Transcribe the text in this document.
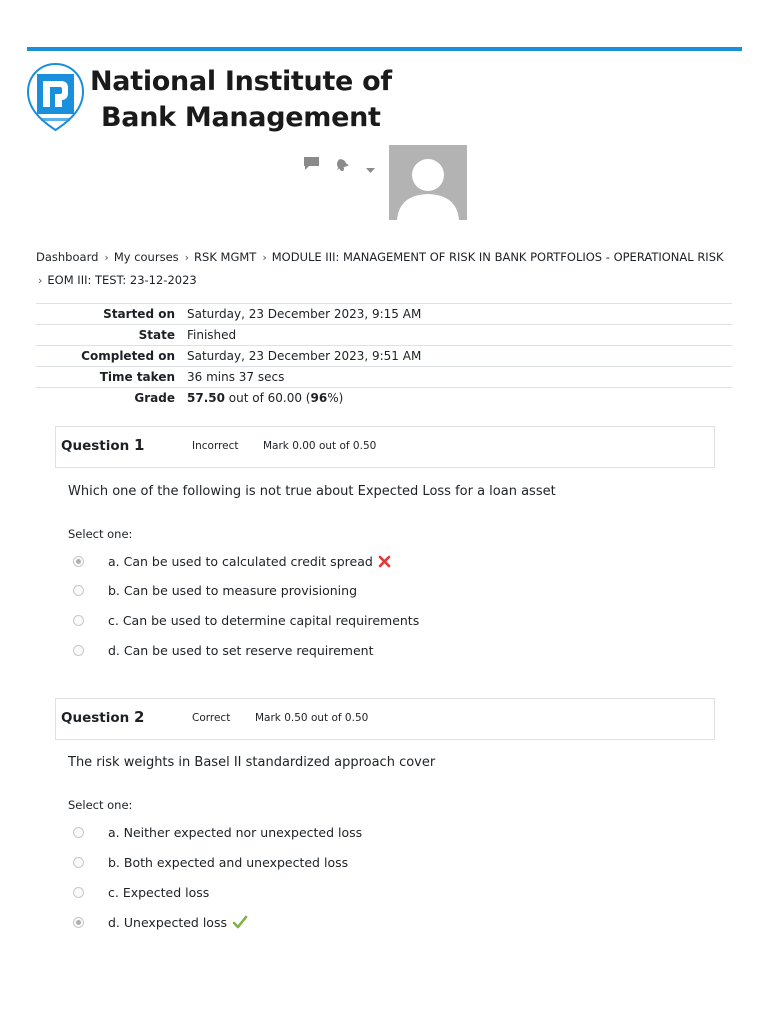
National Institute of
Bank Management
Dashboard › My courses › RSK MGMT › MODULE III: MANAGEMENT OF RISK IN BANK PORTFOLIOS - OPERATIONAL RISK
› EOM III: TEST: 23-12-2023
Started on	Saturday, 23 December 2023, 9:15 AM
State	Finished
Completed on	Saturday, 23 December 2023, 9:51 AM
Time taken	36 mins 37 secs
Grade	57.50 out of 60.00 (96%)
Question 1	Incorrect Mark 0.00 out of 0.50
Which one of the following is not true about Expected Loss for a loan asset
Select one:
a. Can be used to calculated credit spread
b. Can be used to measure provisioning
c. Can be used to determine capital requirements
d. Can be used to set reserve requirement
Question 2	Correct Mark 0.50 out of 0.50
The risk weights in Basel II standardized approach cover
Select one:
a. Neither expected nor unexpected loss
b. Both expected and unexpected loss
c. Expected loss
d. Unexpected loss
